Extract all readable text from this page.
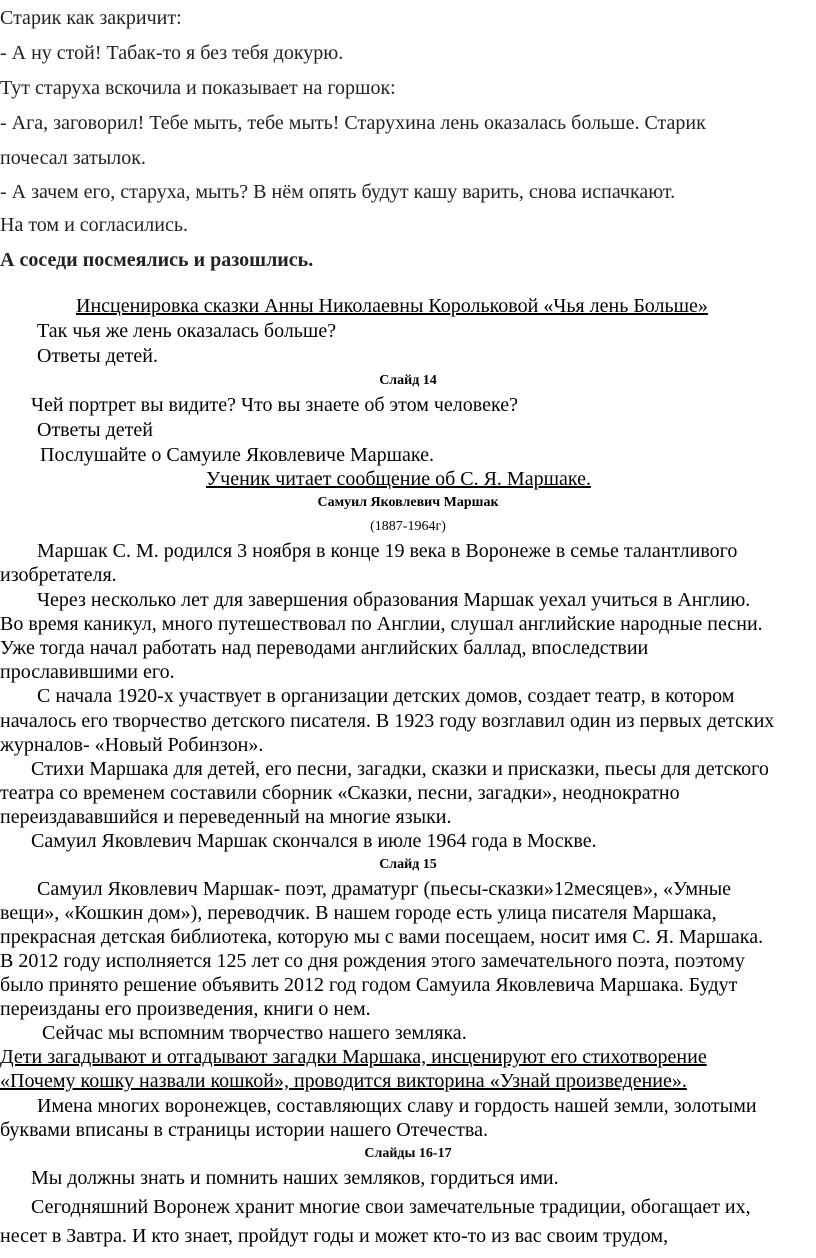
Старик как закричит:

- А ну стой! Табак-то я без тебя докурю.

Тут старуха вскочила и показывает на горшок:

- Ага, заговорил! Тебе мыть, тебе мыть! Старухина лень оказалась больше. Старик

почесал затылок.

- А зачем его, старуха, мыть? В нём опять будут кашу варить, снова испачкают.

На том и согласились.

А соседи посмеялись и разошлись.

Инсценировка сказки Анны Николаевны Корольковой «Чья лень Больше»

Так чья же лень оказалась больше?

Ответы детей.

Слайд 14

Чей портрет вы видите? Что вы знаете об этом человеке?

Ответы детей

Послушайте о Самуиле Яковлевиче Маршаке.

Ученик читает сообщение об С. Я. Маршаке.

Самуил Яковлевич Маршак

(1887-1964г)

Маршак С. М. родился 3 ноября в конце 19 века в Воронеже в семье талантливого

изобретателя.

Через несколько лет для завершения образования Маршак уехал учиться в Англию.

Во время каникул, много путешествовал по Англии, слушал английские народные песни.

Уже тогда начал работать над переводами английских баллад, впоследствии

прославившими его.

С начала 1920-х участвует в организации детских домов, создает театр, в котором

началось его творчество детского писателя. В 1923 году возглавил один из первых детских

журналов- «Новый Робинзон».

Стихи Маршака для детей, его песни, загадки, сказки и присказки, пьесы для детского

театра со временем составили сборник «Сказки, песни, загадки», неоднократно

переиздававшийся и переведенный на многие языки.

Самуил Яковлевич Маршак скончался в июле 1964 года в Москве.

Слайд 15

Самуил Яковлевич Маршак- поэт, драматург (пьесы-сказки»12месяцев», «Умные

вещи», «Кошкин дом»), переводчик. В нашем городе есть улица писателя Маршака,

прекрасная детская библиотека, которую мы с вами посещаем, носит имя С. Я. Маршака.

В 2012 году исполняется 125 лет со дня рождения этого замечательного поэта, поэтому

было принято решение объявить 2012 год годом Самуила Яковлевича Маршака. Будут

переизданы его произведения, книги о нем.

Сейчас мы вспомним творчество нашего земляка.

Дети загадывают и отгадывают загадки Маршака, инсценируют его стихотворение

«Почему кошку назвали кошкой», проводится викторина «Узнай произведение».

Имена многих воронежцев, составляющих славу и гордость нашей земли, золотыми

буквами вписаны в страницы истории нашего Отечества.

Слайды 16-17

Мы должны знать и помнить наших земляков, гордиться ими.

Сегодняшний Воронеж хранит многие свои замечательные традиции, обогащает их,

несет в Завтра. И кто знает, пройдут годы и может кто-то из вас своим трудом,
